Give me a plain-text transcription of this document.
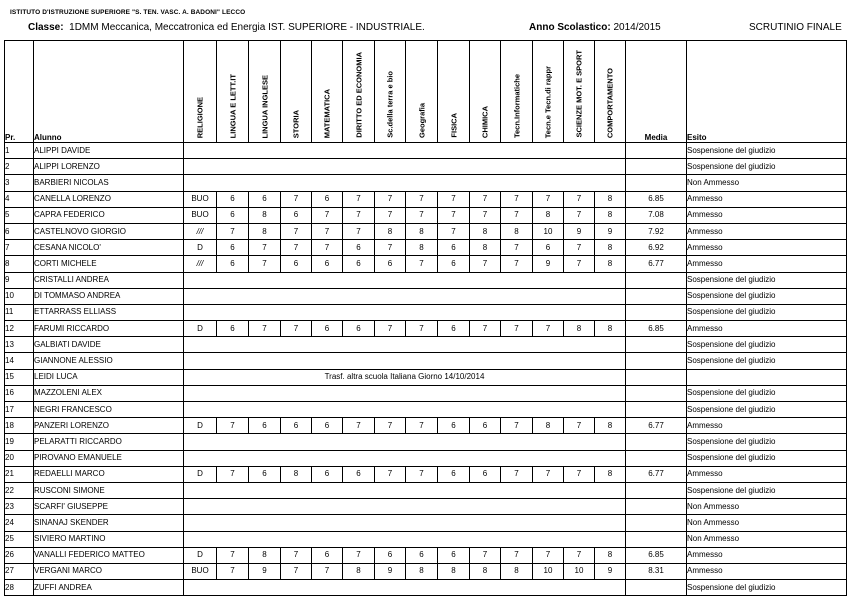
ISTITUTO D'ISTRUZIONE SUPERIORE "S. TEN. VASC. A. BADONI" LECCO
Classe: 1DMM Meccanica, Meccatronica ed Energia IST. SUPERIORE - INDUSTRIALE.	Anno Scolastico: 2014/2015	SCRUTINIO FINALE
Pr.	Alunno	RELIGIONE	LINGUA E LETT.IT	LINGUA INGLESE	STORIA	MATEMATICA	DIRITTO ED ECONOMIA	Sc.della terra e bio	Geografia	FISICA	CHIMICA	Tecn.Informatiche	Tecn.e Tecn.di rappr	SCIENZE MOT. E SPORT	COMPORTAMENTO	Media	Esito
1	ALIPPI DAVIDE																Sospensione del giudizio
2	ALIPPI LORENZO																Sospensione del giudizio
3	BARBIERI NICOLAS																Non Ammesso
4	CANELLA LORENZO	BUO	6	6	7	6	7	7	7	7	7	7	7	7	8	6.85	Ammesso
5	CAPRA FEDERICO	BUO	6	8	6	7	7	7	7	7	7	7	8	7	8	7.08	Ammesso
6	CASTELNOVO GIORGIO	///	7	8	7	7	7	8	8	7	8	8	10	9	9	7.92	Ammesso
7	CESANA NICOLO'	D	6	7	7	7	6	7	8	6	8	7	6	7	8	6.92	Ammesso
8	CORTI MICHELE	///	6	7	6	6	6	6	7	6	7	7	9	7	8	6.77	Ammesso
9	CRISTALLI ANDREA																Sospensione del giudizio
10	DI TOMMASO ANDREA																Sospensione del giudizio
11	ETTARRASS ELLIASS																Sospensione del giudizio
12	FARUMI RICCARDO	D	6	7	7	6	6	7	7	6	7	7	7	8	8	6.85	Ammesso
13	GALBIATI DAVIDE																Sospensione del giudizio
14	GIANNONE ALESSIO																Sospensione del giudizio
15	LEIDI LUCA	Trasf. altra scuola Italiana Giorno 14/10/2014															
16	MAZZOLENI ALEX																Sospensione del giudizio
17	NEGRI FRANCESCO																Sospensione del giudizio
18	PANZERI LORENZO	D	7	6	6	6	7	7	7	6	6	7	8	7	8	6.77	Ammesso
19	PELARATTI RICCARDO																Sospensione del giudizio
20	PIROVANO EMANUELE																Sospensione del giudizio
21	REDAELLI MARCO	D	7	6	8	6	6	7	7	6	6	7	7	7	8	6.77	Ammesso
22	RUSCONI SIMONE																Sospensione del giudizio
23	SCARFI' GIUSEPPE																Non Ammesso
24	SINANAJ SKENDER																Non Ammesso
25	SIVIERO MARTINO																Non Ammesso
26	VANALLI FEDERICO MATTEO	D	7	8	7	6	7	6	6	6	7	7	7	7	8	6.85	Ammesso
27	VERGANI MARCO	BUO	7	9	7	7	8	9	8	8	8	8	10	10	9	8.31	Ammesso
28	ZUFFI ANDREA																Sospensione del giudizio
